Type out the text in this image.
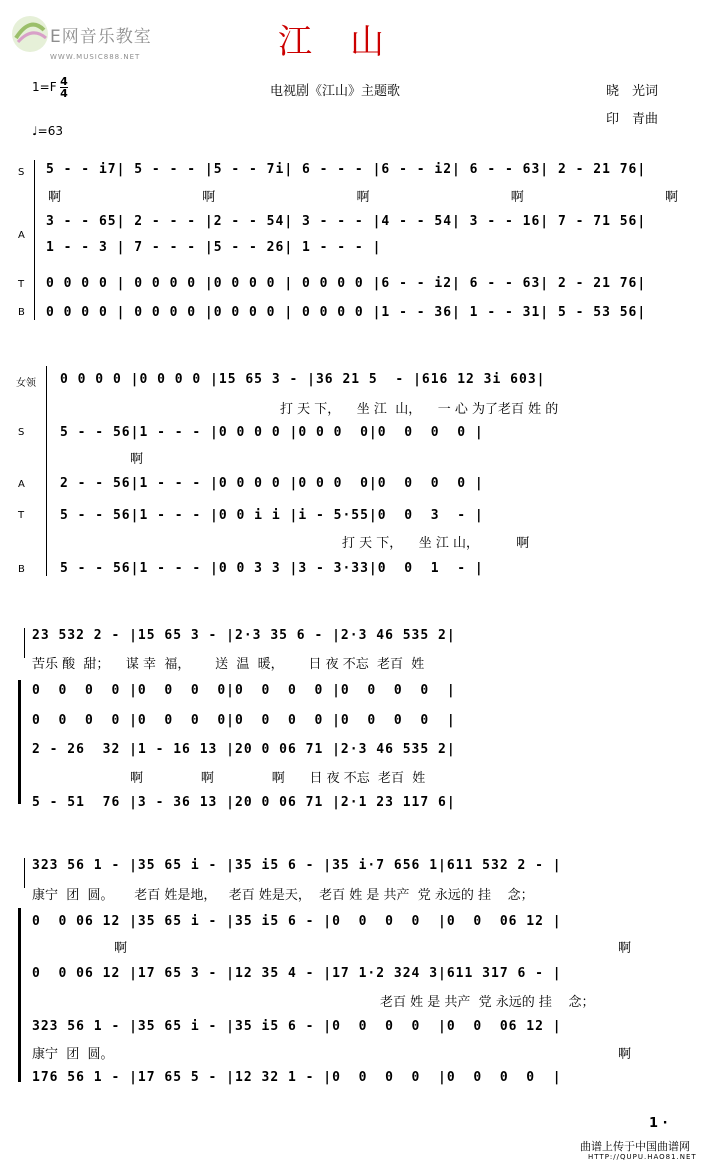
E网音乐教室
WWW.MUSIC888.NET	江山
1=F 4
4	电视剧《江山》主题歌	晓　光词
印　青曲
♩=63
S
A
T
B
5 - - i7| 5 - - - |5 - - 7i| 6 - - - |6 - - i2| 6 - - 63| 2 - 21 76|
啊	啊	啊	啊	啊
3 - - 65| 2 - - - |2 - - 54| 3 - - - |4 - - 54| 3 - - 16| 7 - 71 56|
1 - - 3 | 7 - - - |5 - - 26| 1 - - - |
0 0 0 0 | 0 0 0 0 |0 0 0 0 | 0 0 0 0 |6 - - i2| 6 - - 63| 2 - 21 76|
0 0 0 0 | 0 0 0 0 |0 0 0 0 | 0 0 0 0 |1 - - 36| 1 - - 31| 5 - 53 56|
女领 0 0 0 0 |0 0 0 0 |15 65 3 - |36 21 5  - |616 12 3i 603|
打 天 下，    坐 江  山，    一 心 为了老百 姓 的
S
A
T
B
5 - - 56|1 - - - |0 0 0 0 |0 0 0  0|0  0  0  0 |
啊
2 - - 56|1 - - - |0 0 0 0 |0 0 0  0|0  0  0  0 |
5 - - 56|1 - - - |0 0 i i |i - 5·55|0  0  3  - |
打 天 下，    坐 江 山，         啊
5 - - 56|1 - - - |0 0 3 3 |3 - 3·33|0  0  1  - |
23 532 2 - |15 65 3 - |2·3 35 6 - |2·3 46 535 2|
苦乐 酸  甜；    谋 幸  福，      送  温  暖，      日 夜 不忘  老百  姓
0  0  0  0 |0  0  0  0|0  0  0  0 |0  0  0  0  |
0  0  0  0 |0  0  0  0|0  0  0  0 |0  0  0  0  |
2 - 26  32 |1 - 16 13 |20 0 06 71 |2·3 46 535 2|
啊              啊              啊      日 夜 不忘  老百  姓
5 - 51  76 |3 - 36 13 |20 0 06 71 |2·1 23 117 6|
323 56 1 - |35 65 i - |35 i5 6 - |35 i·7 656 1|611 532 2 - |
康宁  团  圆。     老百 姓是地，   老百 姓是天，  老百 姓 是 共产  党 永远的 挂    念；
0  0 06 12 |35 65 i - |35 i5 6 - |0  0  0  0  |0  0  06 12 |
啊	啊
0  0 06 12 |17 65 3 - |12 35 4 - |17 1·2 324 3|611 317 6 - |
老百 姓 是 共产  党 永远的 挂    念；
323 56 1 - |35 65 i - |35 i5 6 - |0  0  0  0  |0  0  06 12 |
康宁  团  圆。	啊
176 56 1 - |17 65 5 - |12 32 1 - |0  0  0  0  |0  0  0  0  |
1 ·
曲谱上传于中国曲谱网
HTTP://QUPU.HAO81.NET
